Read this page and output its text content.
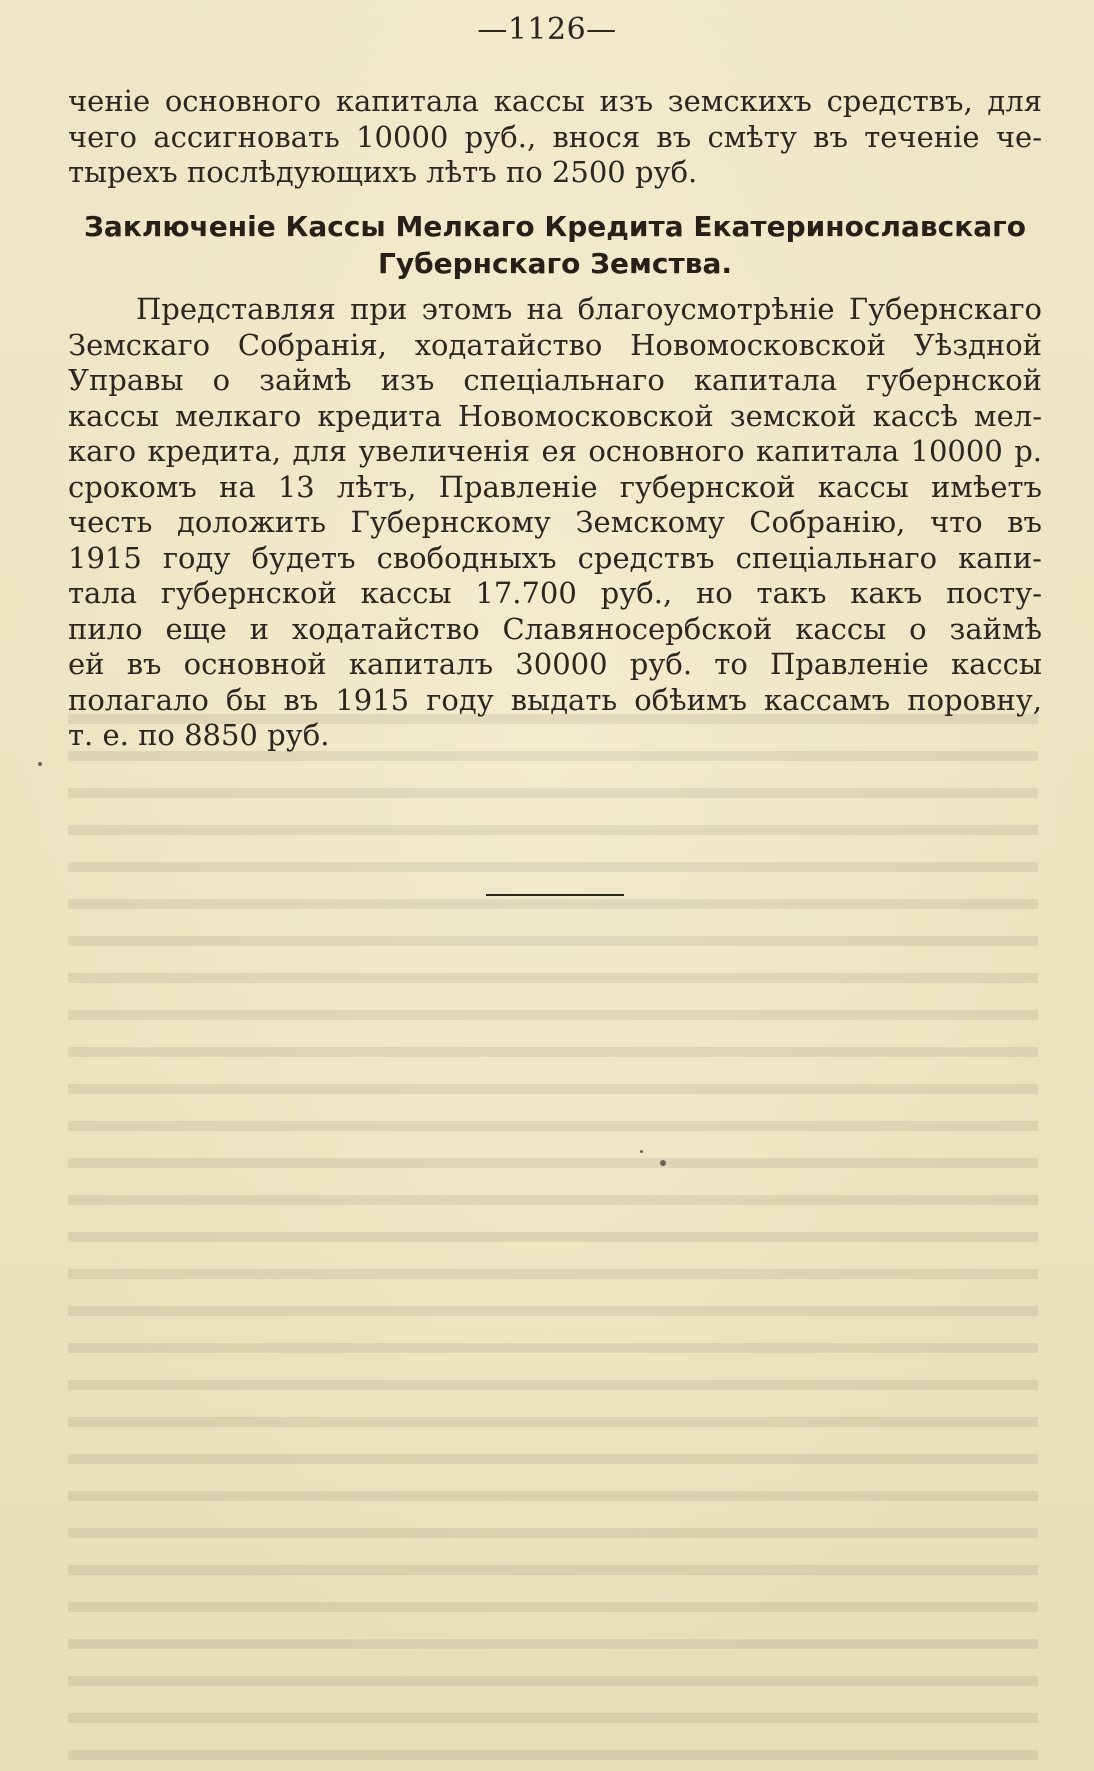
—1126—
ченіе основного капитала кассы изъ земскихъ средствъ, для
чего ассигновать 10000 руб., внося въ смѣту въ теченіе че-
тырехъ послѣдующихъ лѣтъ по 2500 руб.
Заключеніе Кассы Мелкаго Кредита Екатеринославскаго
Губернскаго Земства.
Представляя при этомъ на благоусмотрѣніе Губернскаго
Земскаго Собранія, ходатайство Новомосковской Уѣздной
Управы о займѣ изъ спеціальнаго капитала губернской
кассы мелкаго кредита Новомосковской земской кассѣ мел-
каго кредита, для увеличенія ея основного капитала 10000 р.
срокомъ на 13 лѣтъ, Правленіе губернской кассы имѣетъ
честь доложить Губернскому Земскому Собранію, что въ
1915 году будетъ свободныхъ средствъ спеціальнаго капи-
тала губернской кассы 17.700 руб., но такъ какъ посту-
пило еще и ходатайство Славяносербской кассы о займѣ
ей въ основной капиталъ 30000 руб. то Правленіе кассы
полагало бы въ 1915 году выдать обѣимъ кассамъ поровну,
т. е. по 8850 руб.
